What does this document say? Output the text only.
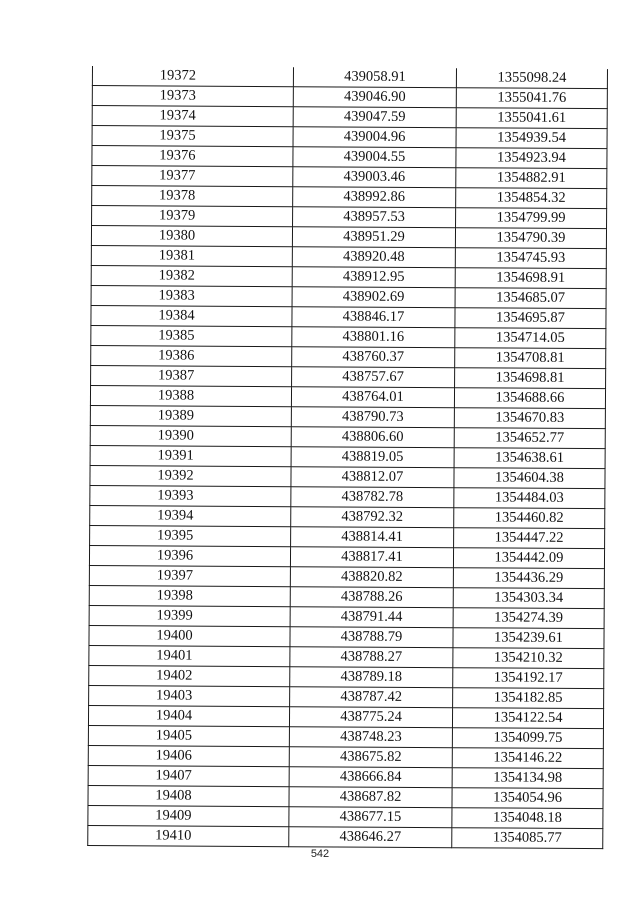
19372	439058.91	1355098.24
19373	439046.90	1355041.76
19374	439047.59	1355041.61
19375	439004.96	1354939.54
19376	439004.55	1354923.94
19377	439003.46	1354882.91
19378	438992.86	1354854.32
19379	438957.53	1354799.99
19380	438951.29	1354790.39
19381	438920.48	1354745.93
19382	438912.95	1354698.91
19383	438902.69	1354685.07
19384	438846.17	1354695.87
19385	438801.16	1354714.05
19386	438760.37	1354708.81
19387	438757.67	1354698.81
19388	438764.01	1354688.66
19389	438790.73	1354670.83
19390	438806.60	1354652.77
19391	438819.05	1354638.61
19392	438812.07	1354604.38
19393	438782.78	1354484.03
19394	438792.32	1354460.82
19395	438814.41	1354447.22
19396	438817.41	1354442.09
19397	438820.82	1354436.29
19398	438788.26	1354303.34
19399	438791.44	1354274.39
19400	438788.79	1354239.61
19401	438788.27	1354210.32
19402	438789.18	1354192.17
19403	438787.42	1354182.85
19404	438775.24	1354122.54
19405	438748.23	1354099.75
19406	438675.82	1354146.22
19407	438666.84	1354134.98
19408	438687.82	1354054.96
19409	438677.15	1354048.18
19410	438646.27	1354085.77
542
